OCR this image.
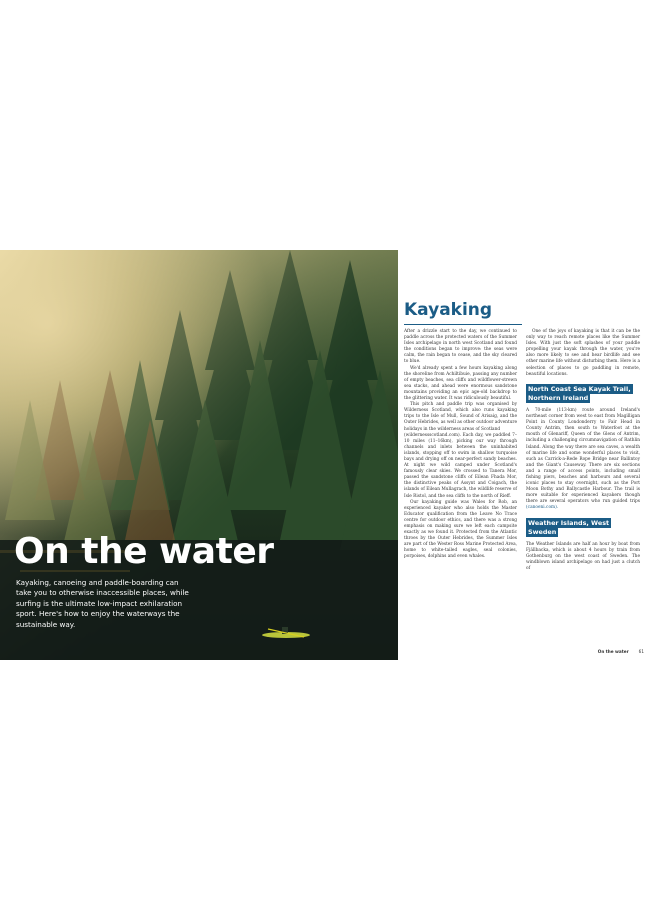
On the water

Kayaking, canoeing and paddle-boarding can take you to otherwise inaccessible places, while surfing is the ultimate low-impact exhilaration sport. Here's how to enjoy the waterways the sustainable way.

Kayaking

After a drizzle start to the day, we continued to paddle across the protected waters of the Summer Isles archipelago in north west Scotland and found the conditions began to improve: the seas were calm, the rain began to cease, and the sky cleared to blue.

We'd already spent a few hours kayaking along the shoreline from Achiltibuie, passing any number of empty beaches, sea cliffs and wildflower-strewn sea stacks, and ahead were enormous sandstone mountains providing an epic age-old backdrop to the glittering water. It was ridiculously beautiful.

This pitch and paddle trip was organised by Wilderness Scotland, which also runs kayaking trips to the Isle of Mull, Sound of Arisaig, and the Outer Hebrides, as well as other outdoor adventure holidays in the wilderness areas of Scotland

(wildernessscotland.com). Each day, we paddled 7–10 miles (11–16km), picking our way through channels and inlets between the uninhabited islands, stopping off to swim in shallow turquoise bays and drying off on near-perfect sandy beaches. At night we wild camped under Scotland's famously clear skies. We crossed to Tanera Mor, passed the sandstone cliffs of Eilean Fhada Mor, the distinctive peaks of Assynt and Coigach, the islands of Eilean Mullagrach, the wildlife reserve of Isle Ristol, and the sea cliffs to the north of Rieff.

Our kayaking guide was Wales for Rob, an experienced kayaker who also holds the Master Educator qualification from the Leave No Trace centre for outdoor ethics, and there was a strong emphasis on making sure we left each campsite exactly as we found it. Protected from the Atlantic throes by the Outer Hebrides, the Summer Isles are part of the Wester Ross Marine Protected Area, home to white-tailed eagles, seal colonies, porpoises, dolphins and even whales.

One of the joys of kayaking is that it can be the only way to reach remote places like the Summer Isles. With just the soft splashes of your paddle propelling your kayak through the water, you're also more likely to see and hear birdlife and see other marine life without disturbing them. Here is a selection of places to go paddling in remote, beautiful locations.

North Coast Sea Kayak Trail, Northern Ireland

A 70-mile (113-km) route around Ireland's northeast corner from west to east from Magilligan Point in County Londonderry to Fair Head in County Antrim, then south to Waterfoot at the mouth of Glenariff, Queen of the Glens of Antrim, including a challenging circumnavigation of Rathlin Island. Along the way there are sea caves, a wealth of marine life and some wonderful places to visit, such as Carrick-a-Rede Rope Bridge near Ballintoy and the Giant's Causeway. There are six sections and a range of access points, including small fishing piers, beaches and harbours and several iconic places to stay overnight, such as the Port Moon Bothy and Ballycastle Harbour. The trail is more suitable for experienced kayakers though there are several operators who run guided trips (canoeni.com).

Weather Islands, West Sweden

The Weather Islands are half an hour by boat from Fjällbacka, which is about 4 hours by train from Gothenburg on the west coast of Sweden. The windblown island archipelago on had just a clutch of

On the water 61
